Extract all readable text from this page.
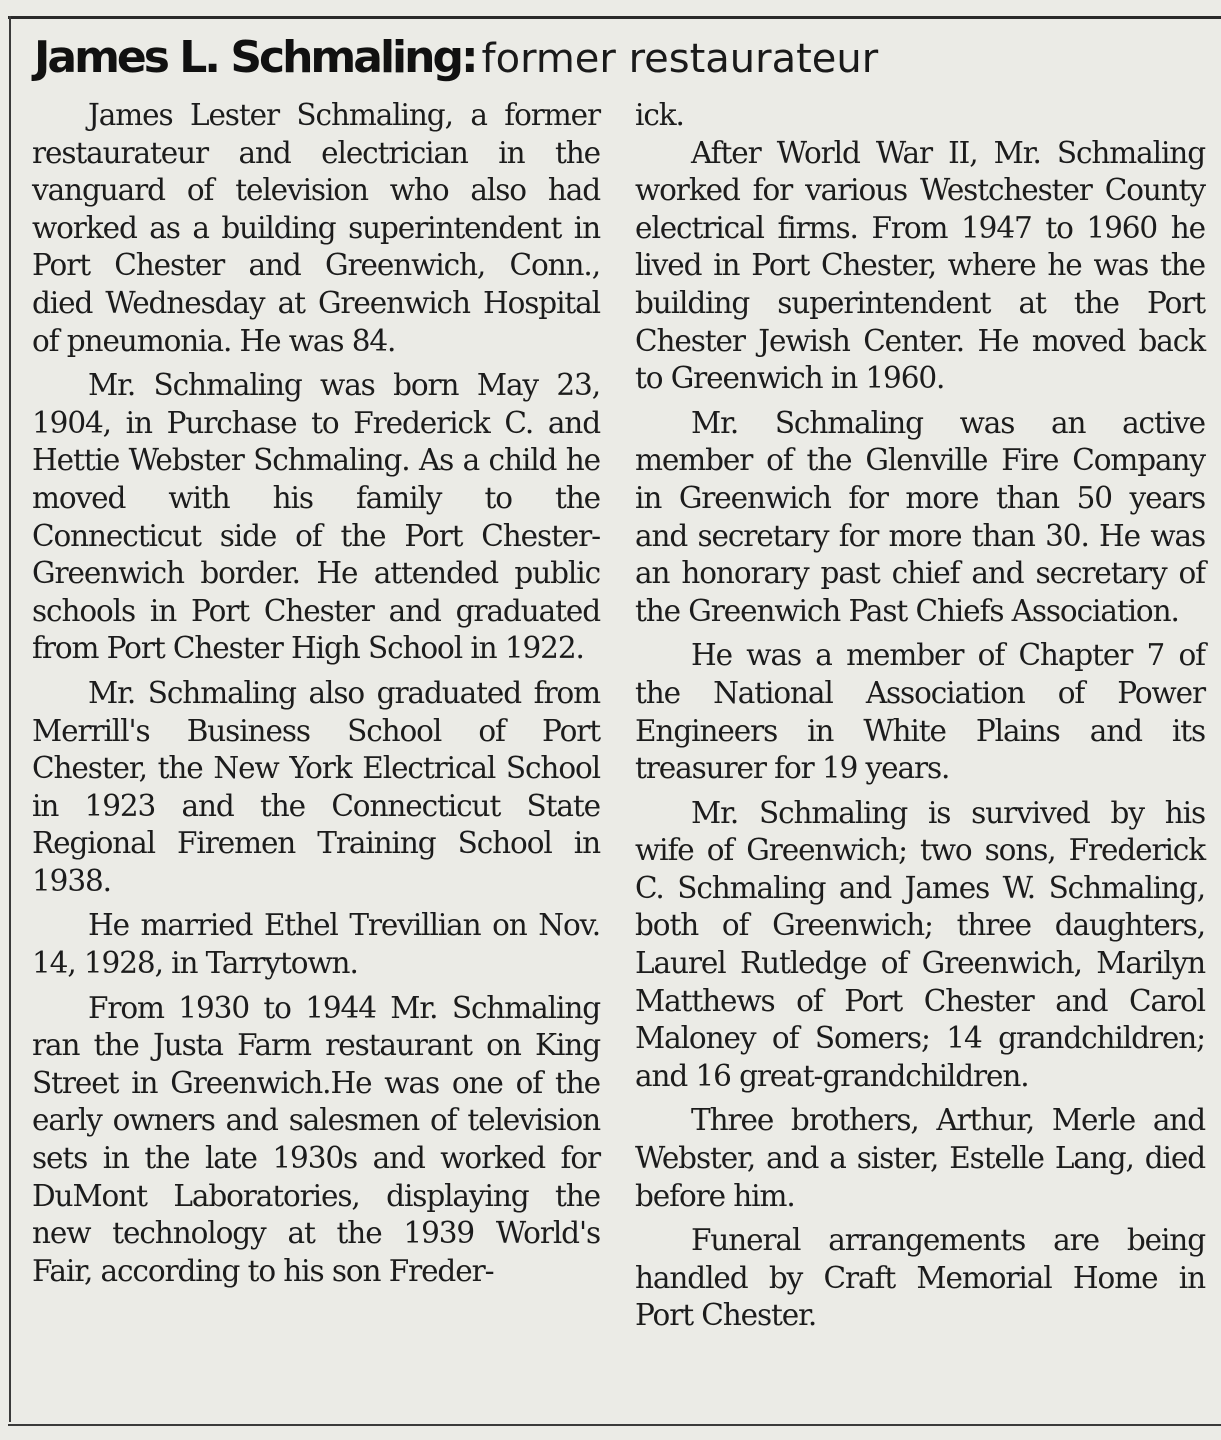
James L. Schmaling: former restaurateur

James Lester Schmaling, a former restaurateur and electrician in the vanguard of television who also had worked as a building superintendent in Port Chester and Greenwich, Conn., died Wednesday at Greenwich Hospital of pneumonia. He was 84.

Mr. Schmaling was born May 23, 1904, in Purchase to Frederick C. and Hettie Webster Schmaling. As a child he moved with his family to the Connecticut side of the Port Chester-Greenwich border. He attended public schools in Port Chester and graduated from Port Chester High School in 1922.

Mr. Schmaling also graduated from Merrill's Business School of Port Chester, the New York Electrical School in 1923 and the Connecticut State Regional Firemen Training School in 1938.

He married Ethel Trevillian on Nov. 14, 1928, in Tarrytown.

From 1930 to 1944 Mr. Schmaling ran the Justa Farm restaurant on King Street in Greenwich.He was one of the early owners and salesmen of television sets in the late 1930s and worked for DuMont Laboratories, displaying the new technology at the 1939 World's Fair, according to his son Freder-

ick.

After World War II, Mr. Schmaling worked for various Westchester County electrical firms. From 1947 to 1960 he lived in Port Chester, where he was the building superintendent at the Port Chester Jewish Center. He moved back to Greenwich in 1960.

Mr. Schmaling was an active member of the Glenville Fire Company in Greenwich for more than 50 years and secretary for more than 30. He was an honorary past chief and secretary of the Greenwich Past Chiefs Association.

He was a member of Chapter 7 of the National Association of Power Engineers in White Plains and its treasurer for 19 years.

Mr. Schmaling is survived by his wife of Greenwich; two sons, Frederick C. Schmaling and James W. Schmaling, both of Greenwich; three daughters, Laurel Rutledge of Greenwich, Marilyn Matthews of Port Chester and Carol Maloney of Somers; 14 grandchildren; and 16 great-grandchildren.

Three brothers, Arthur, Merle and Webster, and a sister, Estelle Lang, died before him.

Funeral arrangements are being handled by Craft Memorial Home in Port Chester.
